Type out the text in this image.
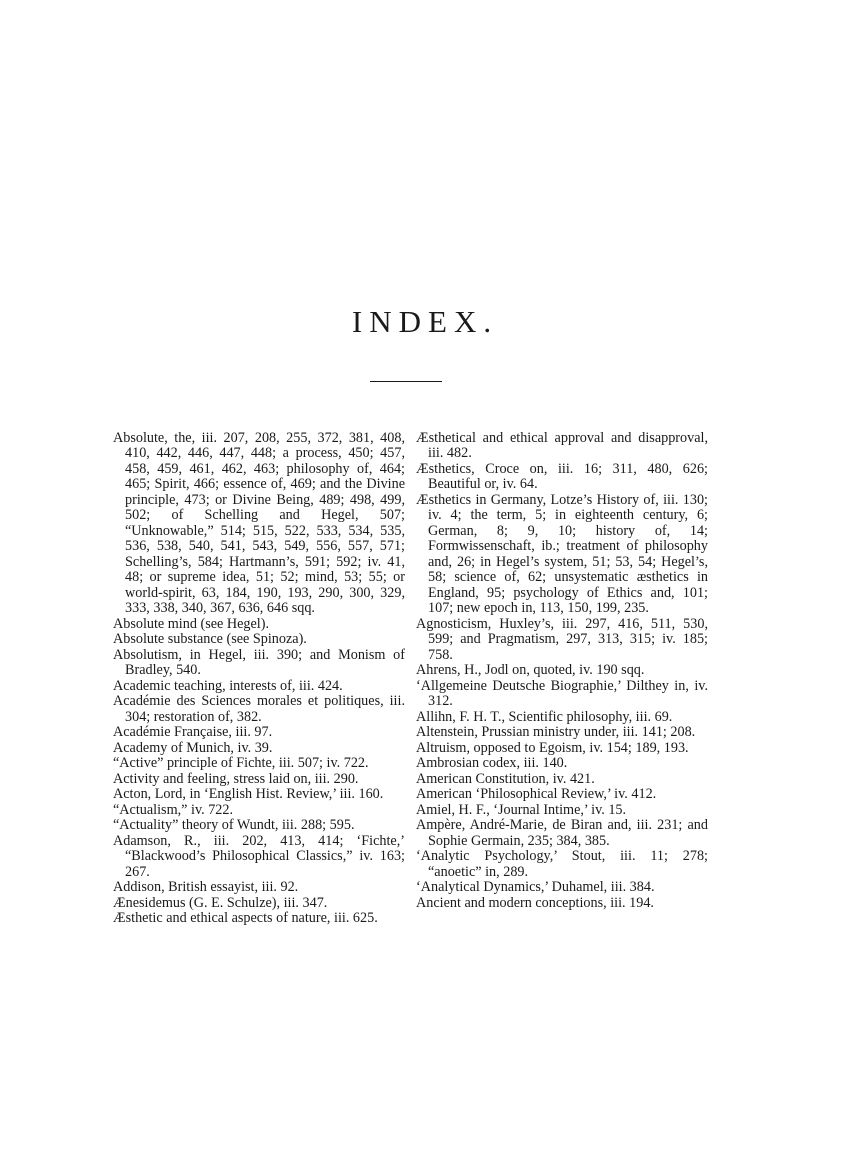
INDEX.
Absolute, the, iii. 207, 208, 255, 372, 381, 408, 410, 442, 446, 447, 448; a process, 450; 457, 458, 459, 461, 462, 463; philosophy of, 464; 465; Spirit, 466; essence of, 469; and the Divine principle, 473; or Divine Being, 489; 498, 499, 502; of Schelling and Hegel, 507; “Unknowable,” 514; 515, 522, 533, 534, 535, 536, 538, 540, 541, 543, 549, 556, 557, 571; Schelling’s, 584; Hartmann’s, 591; 592; iv. 41, 48; or supreme idea, 51; 52; mind, 53; 55; or world-spirit, 63, 184, 190, 193, 290, 300, 329, 333, 338, 340, 367, 636, 646 sqq.
Absolute mind (see Hegel).
Absolute substance (see Spinoza).
Absolutism, in Hegel, iii. 390; and Monism of Bradley, 540.
Academic teaching, interests of, iii. 424.
Académie des Sciences morales et politiques, iii. 304; restoration of, 382.
Académie Française, iii. 97.
Academy of Munich, iv. 39.
“Active” principle of Fichte, iii. 507; iv. 722.
Activity and feeling, stress laid on, iii. 290.
Acton, Lord, in ‘English Hist. Review,’ iii. 160.
“Actualism,” iv. 722.
“Actuality” theory of Wundt, iii. 288; 595.
Adamson, R., iii. 202, 413, 414; ‘Fichte,’ “Blackwood’s Philosophical Classics,” iv. 163; 267.
Addison, British essayist, iii. 92.
Ænesidemus (G. E. Schulze), iii. 347.
Æsthetic and ethical aspects of nature, iii. 625.
Æsthetical and ethical approval and disapproval, iii. 482.
Æsthetics, Croce on, iii. 16; 311, 480, 626; Beautiful or, iv. 64.
Æsthetics in Germany, Lotze’s History of, iii. 130; iv. 4; the term, 5; in eighteenth century, 6; German, 8; 9, 10; history of, 14; Formwissenschaft, ib.; treatment of philosophy and, 26; in Hegel’s system, 51; 53, 54; Hegel’s, 58; science of, 62; unsystematic æsthetics in England, 95; psychology of Ethics and, 101; 107; new epoch in, 113, 150, 199, 235.
Agnosticism, Huxley’s, iii. 297, 416, 511, 530, 599; and Pragmatism, 297, 313, 315; iv. 185; 758.
Ahrens, H., Jodl on, quoted, iv. 190 sqq.
‘Allgemeine Deutsche Biographie,’ Dilthey in, iv. 312.
Allihn, F. H. T., Scientific philosophy, iii. 69.
Altenstein, Prussian ministry under, iii. 141; 208.
Altruism, opposed to Egoism, iv. 154; 189, 193.
Ambrosian codex, iii. 140.
American Constitution, iv. 421.
American ‘Philosophical Review,’ iv. 412.
Amiel, H. F., ‘Journal Intime,’ iv. 15.
Ampère, André-Marie, de Biran and, iii. 231; and Sophie Germain, 235; 384, 385.
‘Analytic Psychology,’ Stout, iii. 11; 278; “anoetic” in, 289.
‘Analytical Dynamics,’ Duhamel, iii. 384.
Ancient and modern conceptions, iii. 194.
